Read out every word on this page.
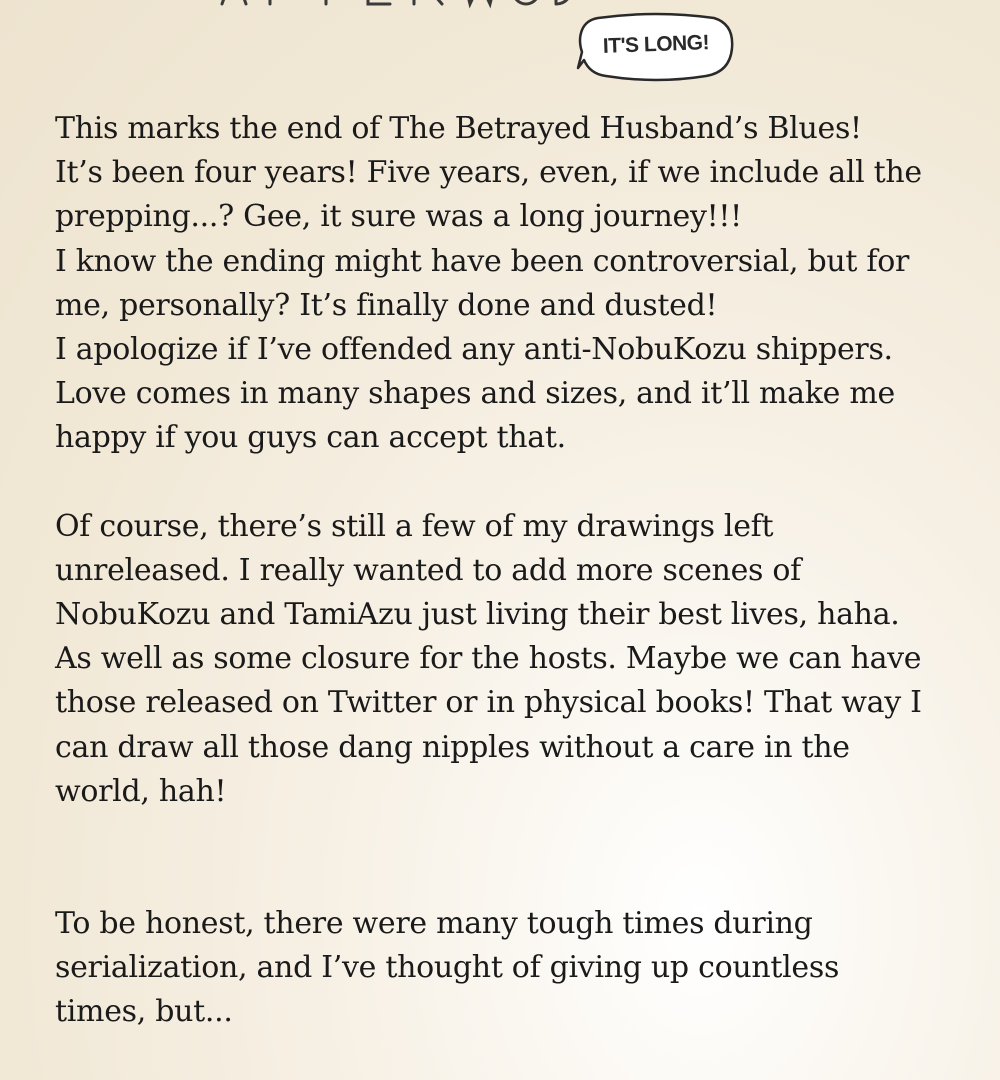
IT'S LONG!

This marks the end of The Betrayed Husband’s Blues!
It’s been four years! Five years, even, if we include all the
prepping...? Gee, it sure was a long journey!!!
I know the ending might have been controversial, but for
me, personally? It’s finally done and dusted!
I apologize if I’ve offended any anti-NobuKozu shippers.
Love comes in many shapes and sizes, and it’ll make me
happy if you guys can accept that.

Of course, there’s still a few of my drawings left
unreleased. I really wanted to add more scenes of
NobuKozu and TamiAzu just living their best lives, haha.
As well as some closure for the hosts. Maybe we can have
those released on Twitter or in physical books! That way I
can draw all those dang nipples without a care in the
world, hah!

To be honest, there were many tough times during
serialization, and I’ve thought of giving up countless
times, but...
